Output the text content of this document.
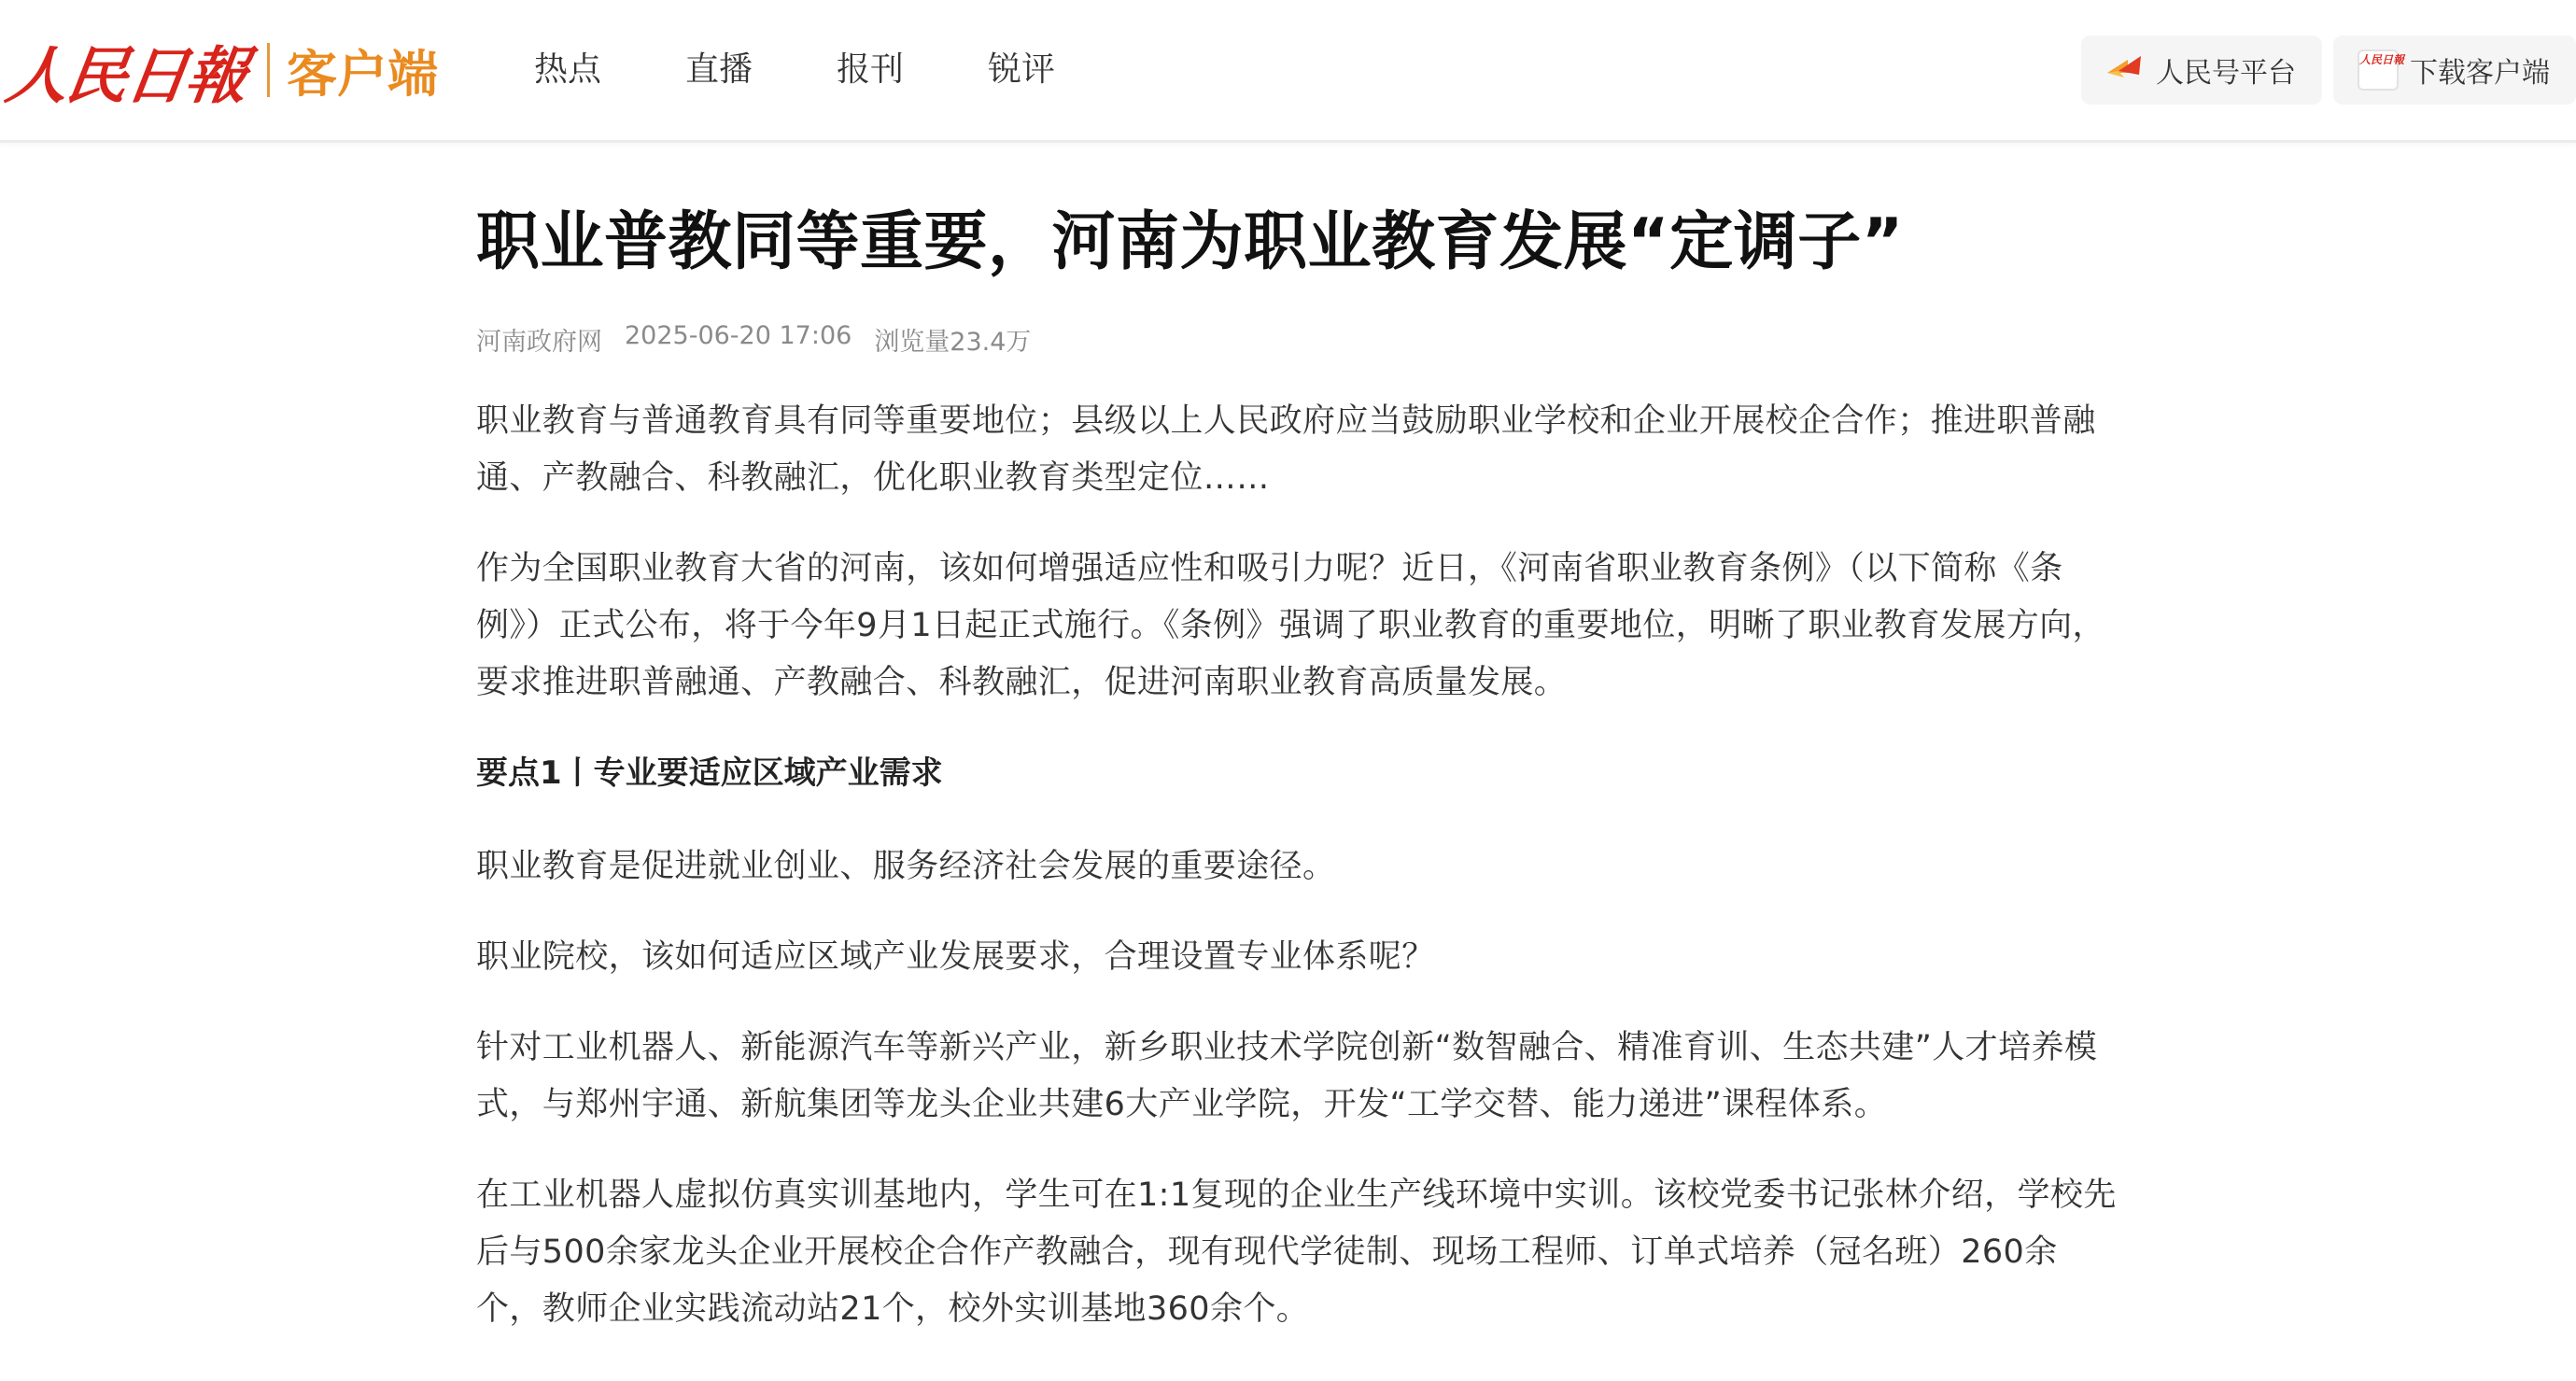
人民日報 客户端	热点	直播	报刊	锐评	人民号平台	人民日報 下载客户端
职业普教同等重要，河南为职业教育发展“定调子”
河南政府网 2025-06-20 17:06 浏览量23.4万

职业教育与普通教育具有同等重要地位；县级以上人民政府应当鼓励职业学校和企业开展校企合作；推进职普融通、产教融合、科教融汇，优化职业教育类型定位……

作为全国职业教育大省的河南，该如何增强适应性和吸引力呢？近日，《河南省职业教育条例》（以下简称《条例》）正式公布，将于今年9月1日起正式施行。《条例》强调了职业教育的重要地位，明晰了职业教育发展方向，要求推进职普融通、产教融合、科教融汇，促进河南职业教育高质量发展。

要点1丨专业要适应区域产业需求

职业教育是促进就业创业、服务经济社会发展的重要途径。

职业院校，该如何适应区域产业发展要求，合理设置专业体系呢？

针对工业机器人、新能源汽车等新兴产业，新乡职业技术学院创新“数智融合、精准育训、生态共建”人才培养模式，与郑州宇通、新航集团等龙头企业共建6大产业学院，开发“工学交替、能力递进”课程体系。

在工业机器人虚拟仿真实训基地内，学生可在1:1复现的企业生产线环境中实训。该校党委书记张林介绍，学校先后与500余家龙头企业开展校企合作产教融合，现有现代学徒制、现场工程师、订单式培养（冠名班）260余个，教师企业实践流动站21个，校外实训基地360余个。
